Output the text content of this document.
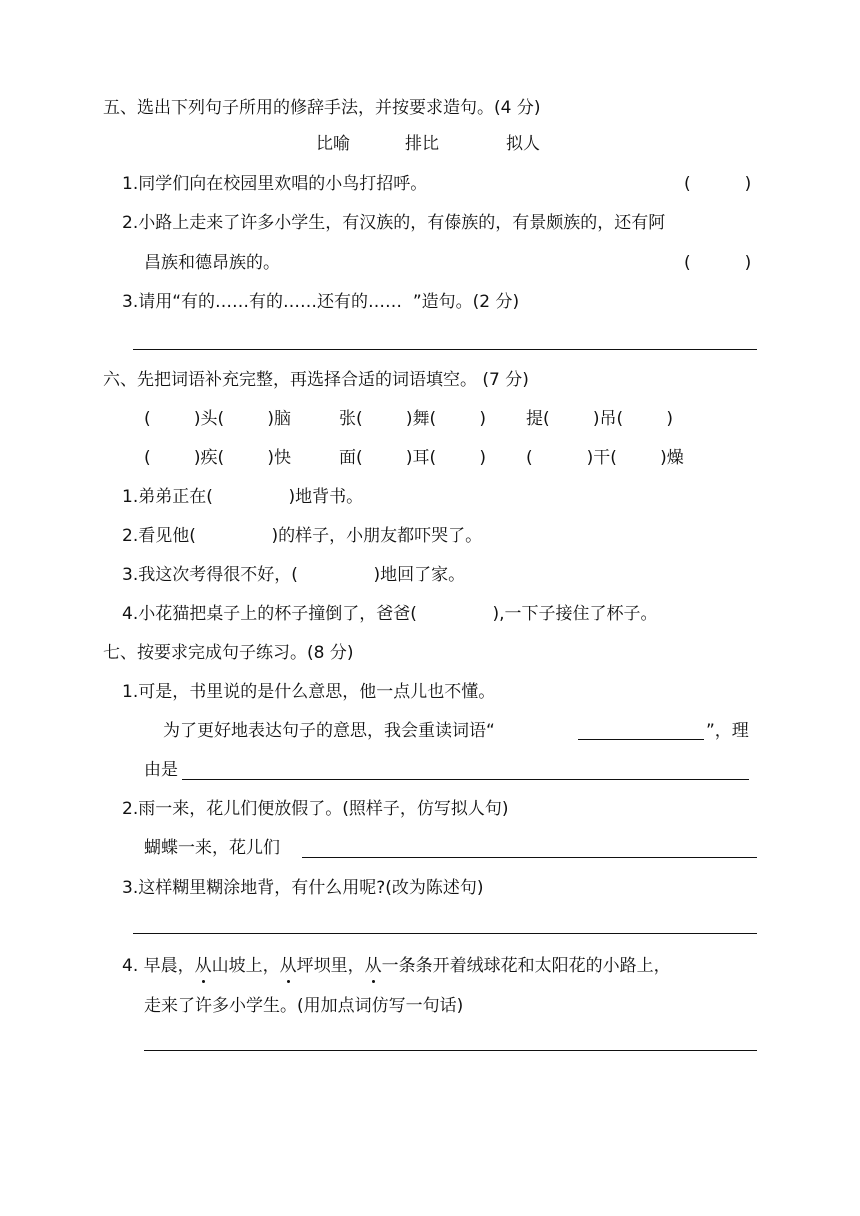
五、选出下列句子所用的修辞手法，并按要求造句。(4 分)
比喻	排比	拟人
1.同学们向在校园里欢唱的小鸟打招呼。	(          )
2.小路上走来了许多小学生，有汉族的，有傣族的，有景颇族的，还有阿
昌族和德昂族的。	(          )
3.请用“有的……有的……还有的……  ”造句。(2 分)
六、先把词语补充完整，再选择合适的词语填空。 (7 分)
(        )头(        )脑	张(        )舞(        ) 提(        )吊(        )
(        )疾(        )快	面(        )耳(        ) (          )干(        )燥
1.弟弟正在(              )地背书。
2.看见他(              )的样子，小朋友都吓哭了。
3.我这次考得很不好，(              )地回了家。
4.小花猫把桌子上的杯子撞倒了，爸爸(              ),一下子接住了杯子。
七、按要求完成句子练习。(8 分)
1.可是，书里说的是什么意思，他一点儿也不懂。
为了更好地表达句子的意思，我会重读词语“	”，理
由是
2.雨一来，花儿们便放假了。(照样子，仿写拟人句)
蝴蝶一来，花儿们
3.这样糊里糊涂地背，有什么用呢?(改为陈述句)
4. 早晨，从山坡上，从坪坝里，从一条条开着绒球花和太阳花的小路上，
走来了许多小学生。(用加点词仿写一句话)
